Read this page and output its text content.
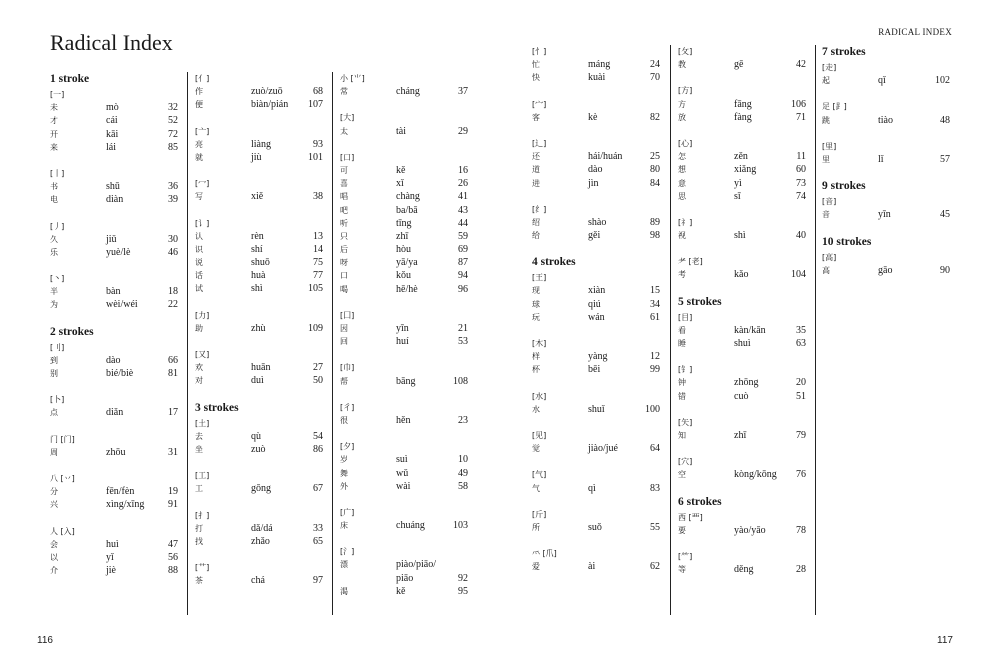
Radical Index	RADICAL INDEX
116	117
1 stroke
[一]
未	mò	32
才	cái	52
开	kāi	72
来	lái	85
[丨]
书	shū	36
电	diàn	39
[丿]
久	jiǔ	30
乐	yuè/lè	46
[丶]
半	bàn	18
为	wèi/wéi	22
2 strokes
[刂]
到	dào	66
别	bié/biè	81
[卜]
点	diǎn	17
门 [门]
周	zhōu	31
八 [丷]
分	fēn/fèn	19
兴	xìng/xīng	91
人 [入]
会	huì	47
以	yǐ	56
介	jiè	88
[亻]
作	zuò/zuō	68
便	biàn/pián	107
[亠]
亮	liàng	93
就	jiù	101
[冖]
写	xiě	38
[讠]
认	rèn	13
识	shí	14
说	shuō	75
话	huà	77
试	shì	105
[力]
助	zhù	109
[又]
欢	huān	27
对	duì	50
3 strokes
[土]
去	qù	54
坐	zuò	86
[工]
工	gōng	67
[扌]
打	dǎ/dá	33
找	zhǎo	65
[艹]
茶	chá	97
小 [⺌]
常	cháng	37
[大]
太	tài	29
[口]
可	kě	16
喜	xǐ	26
唱	chàng	41
吧	ba/bā	43
听	tīng	44
只	zhī	59
后	hòu	69
呀	yā/ya	87
口	kǒu	94
喝	hē/hè	96
[囗]
因	yīn	21
回	huí	53
[巾]
帮	bāng	108
[彳]
很	hěn	23
[夕]
岁	suì	10
舞	wǔ	49
外	wài	58
[广]
床	chuáng	103
[氵]
漂	piào/piāo/
piāo	92
渴	kě	95
[忄]
忙	máng	24
快	kuài	70
[宀]
客	kè	82
[辶]
还	hái/huán	25
道	dào	80
进	jìn	84
[纟]
绍	shào	89
给	gěi	98
4 strokes
[王]
现	xiàn	15
球	qiú	34
玩	wán	61
[木]
样	yàng	12
杯	bēi	99
[水]
水	shuǐ	100
[见]
觉	jiào/jué	64
[气]
气	qì	83
[斤]
所	suǒ	55
⺤ [爪]
爱	ài	62
[攵]
教	gē	42
[方]
方	fāng	106
放	fàng	71
[心]
怎	zěn	11
想	xiǎng	60
意	yì	73
思	sī	74
[礻]
视	shì	40
⺹ [老]
考	kǎo	104
5 strokes
[目]
看	kàn/kān	35
睡	shuì	63
[钅]
钟	zhōng	20
错	cuò	51
[矢]
知	zhī	79
[穴]
空	kòng/kōng	76
6 strokes
西 [覀]
要	yào/yāo	78
[⺮]
等	děng	28
7 strokes
[走]
起	qǐ	102
足 [⻊]
跳	tiào	48
[里]
里	lǐ	57
9 strokes
[音]
音	yīn	45
10 strokes
[高]
高	gāo	90
